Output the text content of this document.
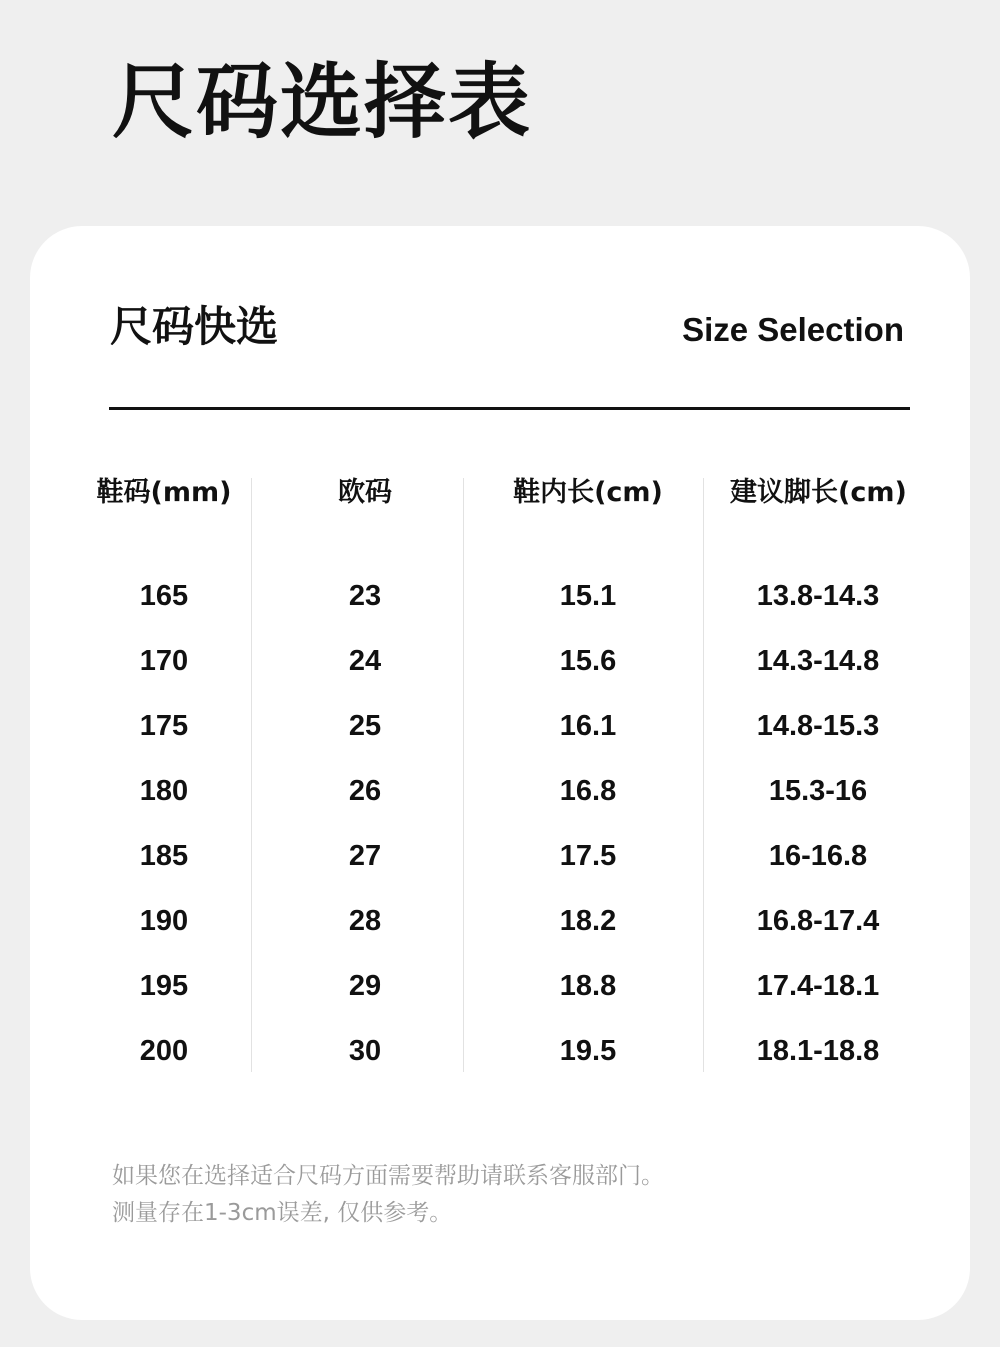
尺码选择表
尺码快选	Size Selection
鞋码(mm)	欧码	鞋内长(cm)	建议脚长(cm)
165	23	15.1	13.8-14.3
170	24	15.6	14.3-14.8
175	25	16.1	14.8-15.3
180	26	16.8	15.3-16
185	27	17.5	16-16.8
190	28	18.2	16.8-17.4
195	29	18.8	17.4-18.1
200	30	19.5	18.1-18.8
如果您在选择适合尺码方面需要帮助请联系客服部门。
测量存在1-3cm误差, 仅供参考。
